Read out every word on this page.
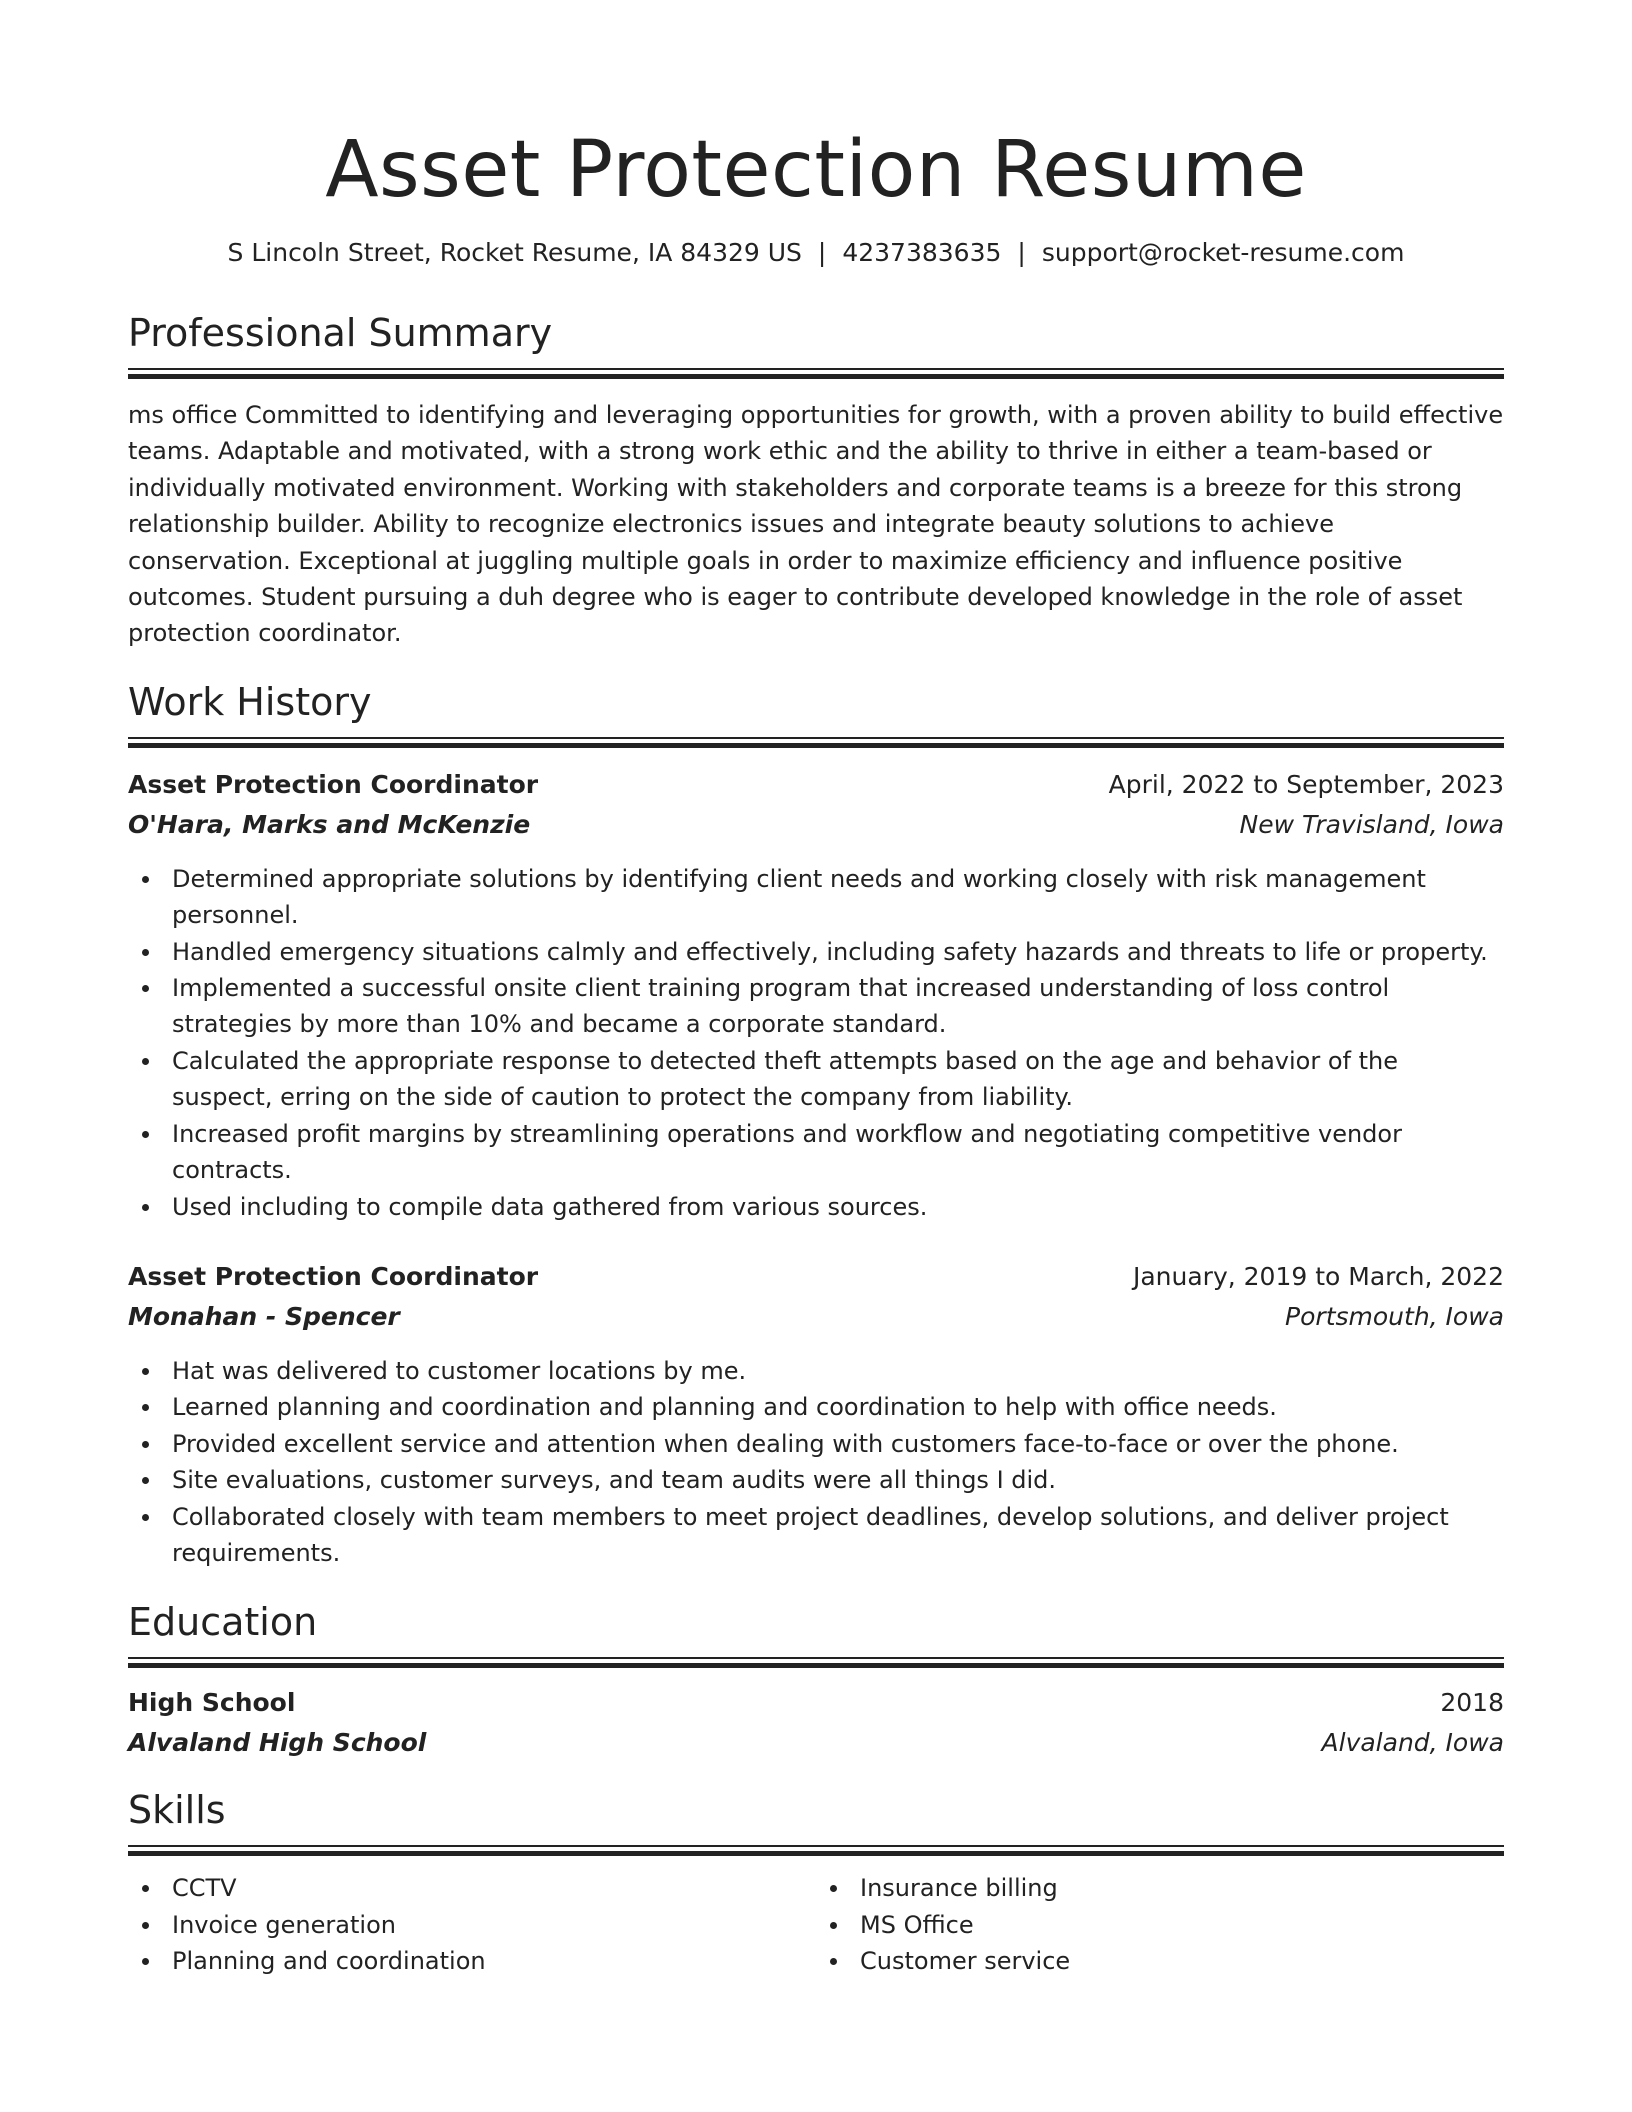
Asset Protection Resume
S Lincoln Street, Rocket Resume, IA 84329 US | 4237383635 | support@rocket-resume.com
Professional Summary

ms office Committed to identifying and leveraging opportunities for growth, with a proven ability to build effective teams. Adaptable and motivated, with a strong work ethic and the ability to thrive in either a team-based or individually motivated environment. Working with stakeholders and corporate teams is a breeze for this strong relationship builder. Ability to recognize electronics issues and integrate beauty solutions to achieve conservation. Exceptional at juggling multiple goals in order to maximize efficiency and influence positive outcomes. Student pursuing a duh degree who is eager to contribute developed knowledge in the role of asset protection coordinator.

Work History
Asset Protection Coordinator	April, 2022 to September, 2023
O'Hara, Marks and McKenzie	New Travisland, Iowa
Determined appropriate solutions by identifying client needs and working closely with risk management personnel.
Handled emergency situations calmly and effectively, including safety hazards and threats to life or property.
Implemented a successful onsite client training program that increased understanding of loss control strategies by more than 10% and became a corporate standard.
Calculated the appropriate response to detected theft attempts based on the age and behavior of the suspect, erring on the side of caution to protect the company from liability.
Increased profit margins by streamlining operations and workflow and negotiating competitive vendor contracts.
Used including to compile data gathered from various sources.
Asset Protection Coordinator	January, 2019 to March, 2022
Monahan - Spencer	Portsmouth, Iowa
Hat was delivered to customer locations by me.
Learned planning and coordination and planning and coordination to help with office needs.
Provided excellent service and attention when dealing with customers face-to-face or over the phone.
Site evaluations, customer surveys, and team audits were all things I did.
Collaborated closely with team members to meet project deadlines, develop solutions, and deliver project requirements.
Education
High School	2018
Alvaland High School	Alvaland, Iowa
Skills
CCTV
Invoice generation
Planning and coordination
Insurance billing
MS Office
Customer service
